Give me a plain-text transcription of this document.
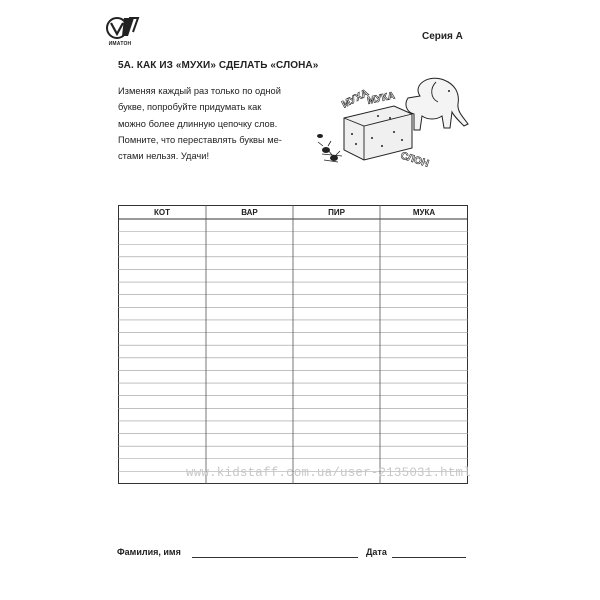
ИМАТОН
Серия А
5А. КАК ИЗ «МУХИ» СДЕЛАТЬ «СЛОНА»
Изменяя каждый раз только по одной
букве, попробуйте придумать как
можно более длинную цепочку слов.
Помните, что переставлять буквы ме-
стами нельзя. Удачи!
МУХА
МУКА
СЛОН
КОТ	ВАР	ПИР	МУКА
www.kidstaff.com.ua/user-2135031.html
Фамилия, имя	Дата
